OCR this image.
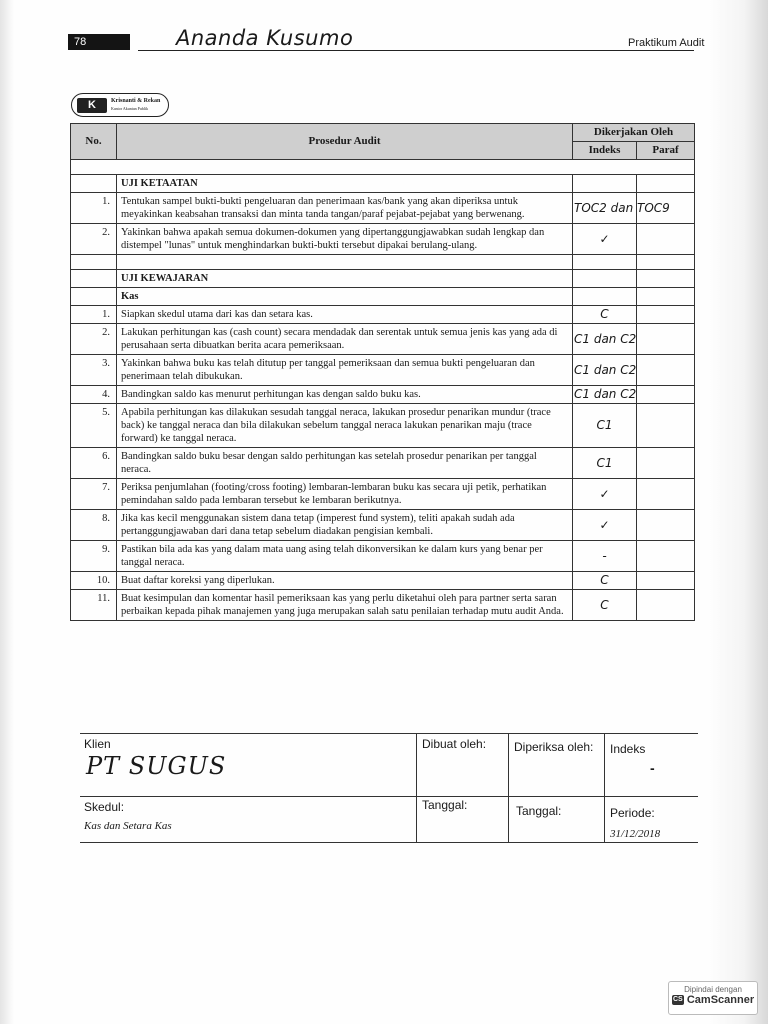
78	Ananda Kusumo	Praktikum Audit
K	Krisnanti & Rekan
Kantor Akuntan Publik
No.	Prosedur Audit	Dikerjakan Oleh	
		Indeks	Paraf

	UJI KETAATAN		
1.	Tentukan sampel bukti-bukti pengeluaran dan penerimaan kas/bank yang akan diperiksa untuk meyakinkan keabsahan transaksi dan minta tanda tangan/paraf pejabat-pejabat yang berwenang.	TOC2 dan TOC9	
2.	Yakinkan bahwa apakah semua dokumen-dokumen yang dipertanggungjawabkan sudah lengkap dan distempel "lunas" untuk menghindarkan bukti-bukti tersebut dipakai berulang-ulang.	✓	

	UJI KEWAJARAN		
	Kas		
1.	Siapkan skedul utama dari kas dan setara kas.	C	
2.	Lakukan perhitungan kas (cash count) secara mendadak dan serentak untuk semua jenis kas yang ada di perusahaan serta dibuatkan berita acara pemeriksaan.	C1 dan C2	
3.	Yakinkan bahwa buku kas telah ditutup per tanggal pemeriksaan dan semua bukti pengeluaran dan penerimaan telah dibukukan.	C1 dan C2	
4.	Bandingkan saldo kas menurut perhitungan kas dengan saldo buku kas.	C1 dan C2	
5.	Apabila perhitungan kas dilakukan sesudah tanggal neraca, lakukan prosedur penarikan mundur (trace back) ke tanggal neraca dan bila dilakukan sebelum tanggal neraca lakukan penarikan maju (trace forward) ke tanggal neraca.	C1	
6.	Bandingkan saldo buku besar dengan saldo perhitungan kas setelah prosedur penarikan per tanggal neraca.	C1	
7.	Periksa penjumlahan (footing/cross footing) lembaran-lembaran buku kas secara uji petik, perhatikan pemindahan saldo pada lembaran tersebut ke lembaran berikutnya.	✓	
8.	Jika kas kecil menggunakan sistem dana tetap (imperest fund system), teliti apakah sudah ada pertanggungjawaban dari dana tetap sebelum diadakan pengisian kembali.	✓	
9.	Pastikan bila ada kas yang dalam mata uang asing telah dikonversikan ke dalam kurs yang benar per tanggal neraca.	-	
10.	Buat daftar koreksi yang diperlukan.	C	
11.	Buat kesimpulan dan komentar hasil pemeriksaan kas yang perlu diketahui oleh para partner serta saran perbaikan kepada pihak manajemen yang juga merupakan salah satu penilaian terhadap mutu audit Anda.	C	
Klien
PT SUGUS
Dibuat oleh: Diperiksa oleh: Indeks
-
Skedul:
Kas dan Setara Kas
Tanggal:	Tanggal:	Periode:
31/12/2018
Dipindai dengan
CS CamScanner
